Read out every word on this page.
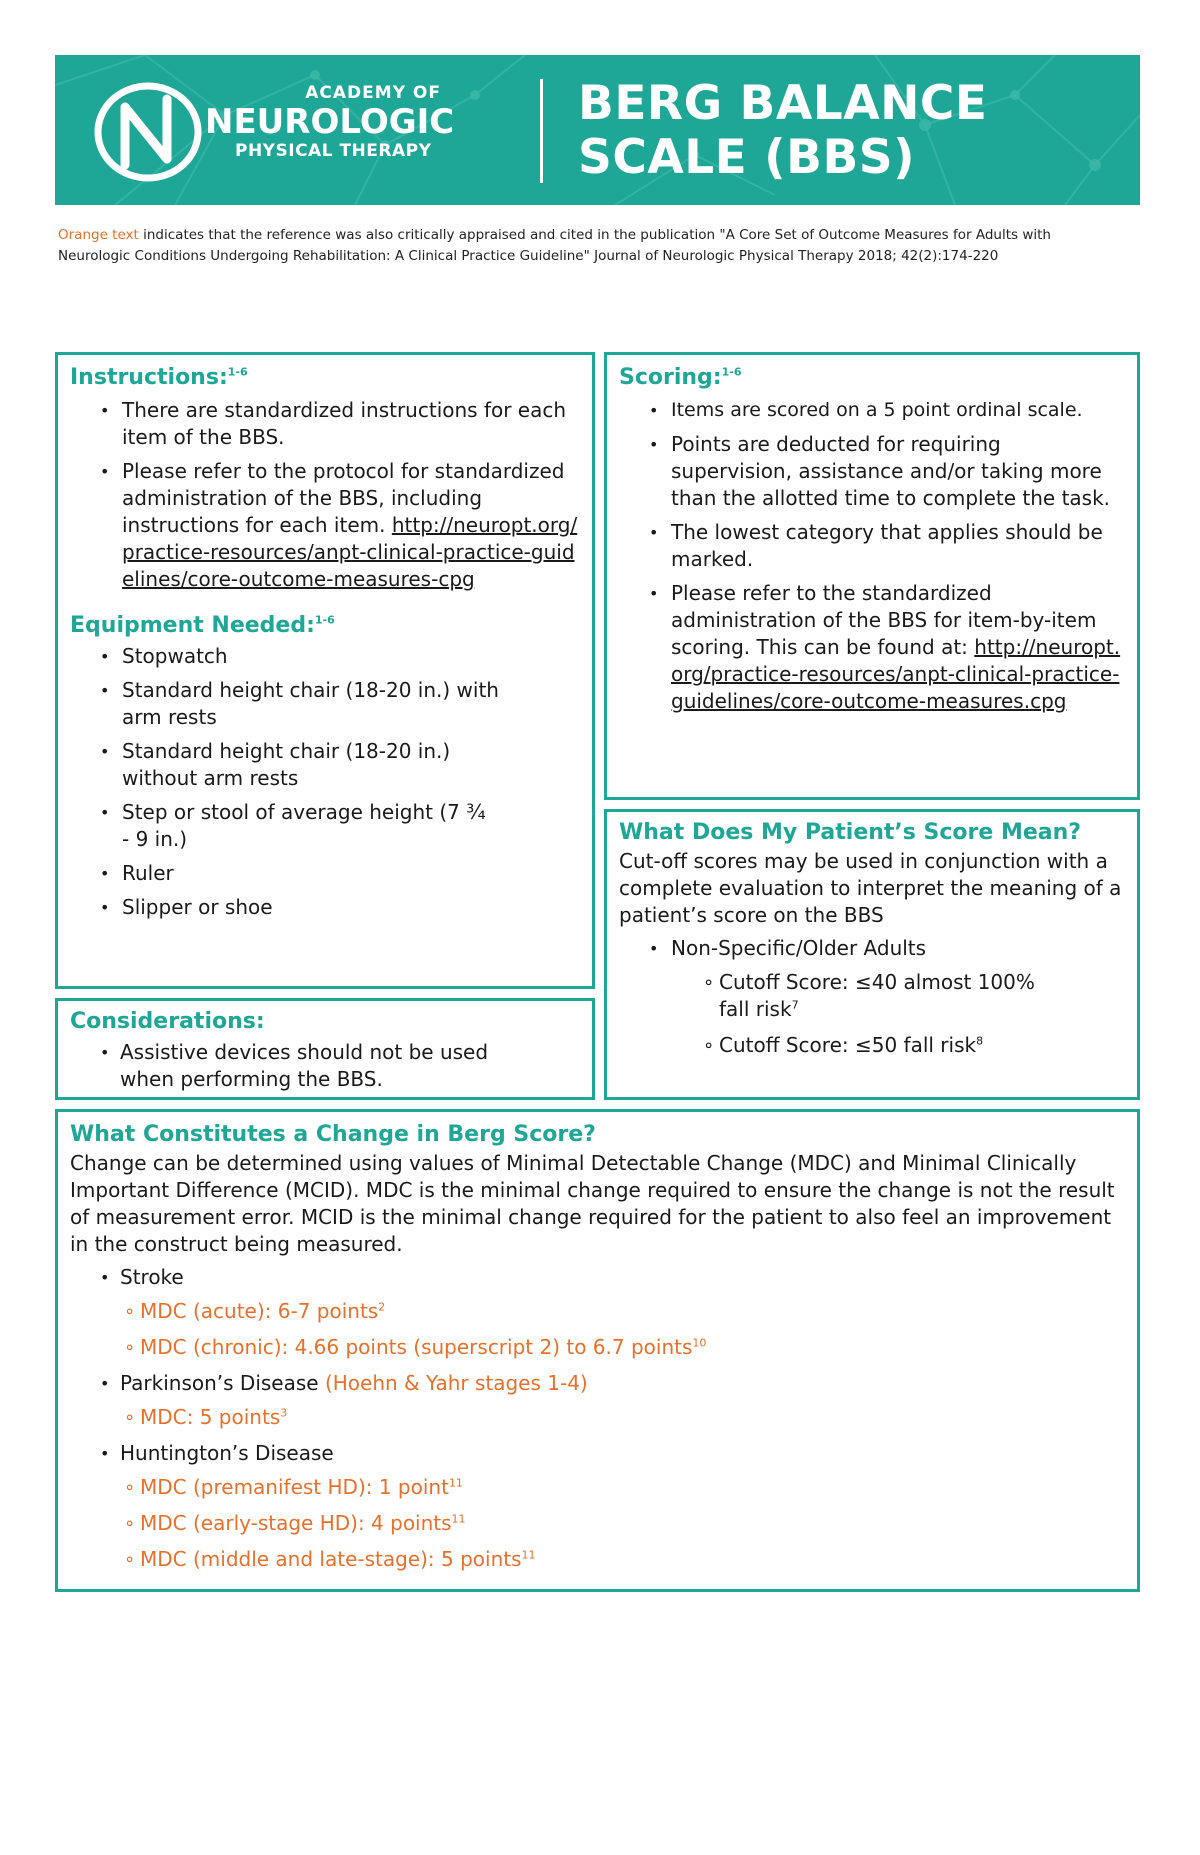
ACADEMY OF
NEUROLOGIC
PHYSICAL THERAPY
BERG BALANCE
SCALE (BBS)
Orange text indicates that the reference was also critically appraised and cited in the publication "A Core Set of Outcome Measures for Adults with Neurologic Conditions Undergoing Rehabilitation: A Clinical Practice Guideline" Journal of Neurologic Physical Therapy 2018; 42(2):174-220
Instructions:$^{1-6}$
• There are standardized instructions for each item of the BBS.
• Please refer to the protocol for standardized administration of the BBS, including instructions for each item. http://neuropt.org/practice-resources/anpt-clinical-practice-guidelines/core-outcome-measures-cpg
Equipment Needed:$^{1-6}$
• Stopwatch
• Standard height chair (18-20 in.) with arm rests
• Standard height chair (18-20 in.) without arm rests
• Step or stool of average height (7 ¾ - 9 in.)
• Ruler
• Slipper or shoe
Considerations:
• Assistive devices should not be used when performing the BBS.
Scoring:$^{1-6}$
• Items are scored on a 5 point ordinal scale.
• Points are deducted for requiring supervision, assistance and/or taking more than the allotted time to complete the task.
• The lowest category that applies should be marked.
• Please refer to the standardized administration of the BBS for item-by-item scoring. This can be found at: http://neuropt.org/practice-resources/anpt-clinical-practice-guidelines/core-outcome-measures.cpg
What Does My Patient’s Score Mean?
Cut-off scores may be used in conjunction with a complete evaluation to interpret the meaning of a patient’s score on the BBS
• Non-Specific/Older Adults
∘ Cutoff Score: ≤40 almost 100% fall risk$^7$
∘ Cutoff Score: ≤50 fall risk$^8$
What Constitutes a Change in Berg Score?
Change can be determined using values of Minimal Detectable Change (MDC) and Minimal Clinically Important Difference (MCID). MDC is the minimal change required to ensure the change is not the result of measurement error. MCID is the minimal change required for the patient to also feel an improvement in the construct being measured.
• Stroke
∘ MDC (acute): 6-7 points$^2$
∘ MDC (chronic): 4.66 points (superscript 2) to 6.7 points$^{10}$
• Parkinson’s Disease (Hoehn & Yahr stages 1-4)
∘ MDC: 5 points$^3$
• Huntington’s Disease
∘ MDC (premanifest HD): 1 point$^{11}$
∘ MDC (early-stage HD): 4 points$^{11}$
∘ MDC (middle and late-stage): 5 points$^{11}$
